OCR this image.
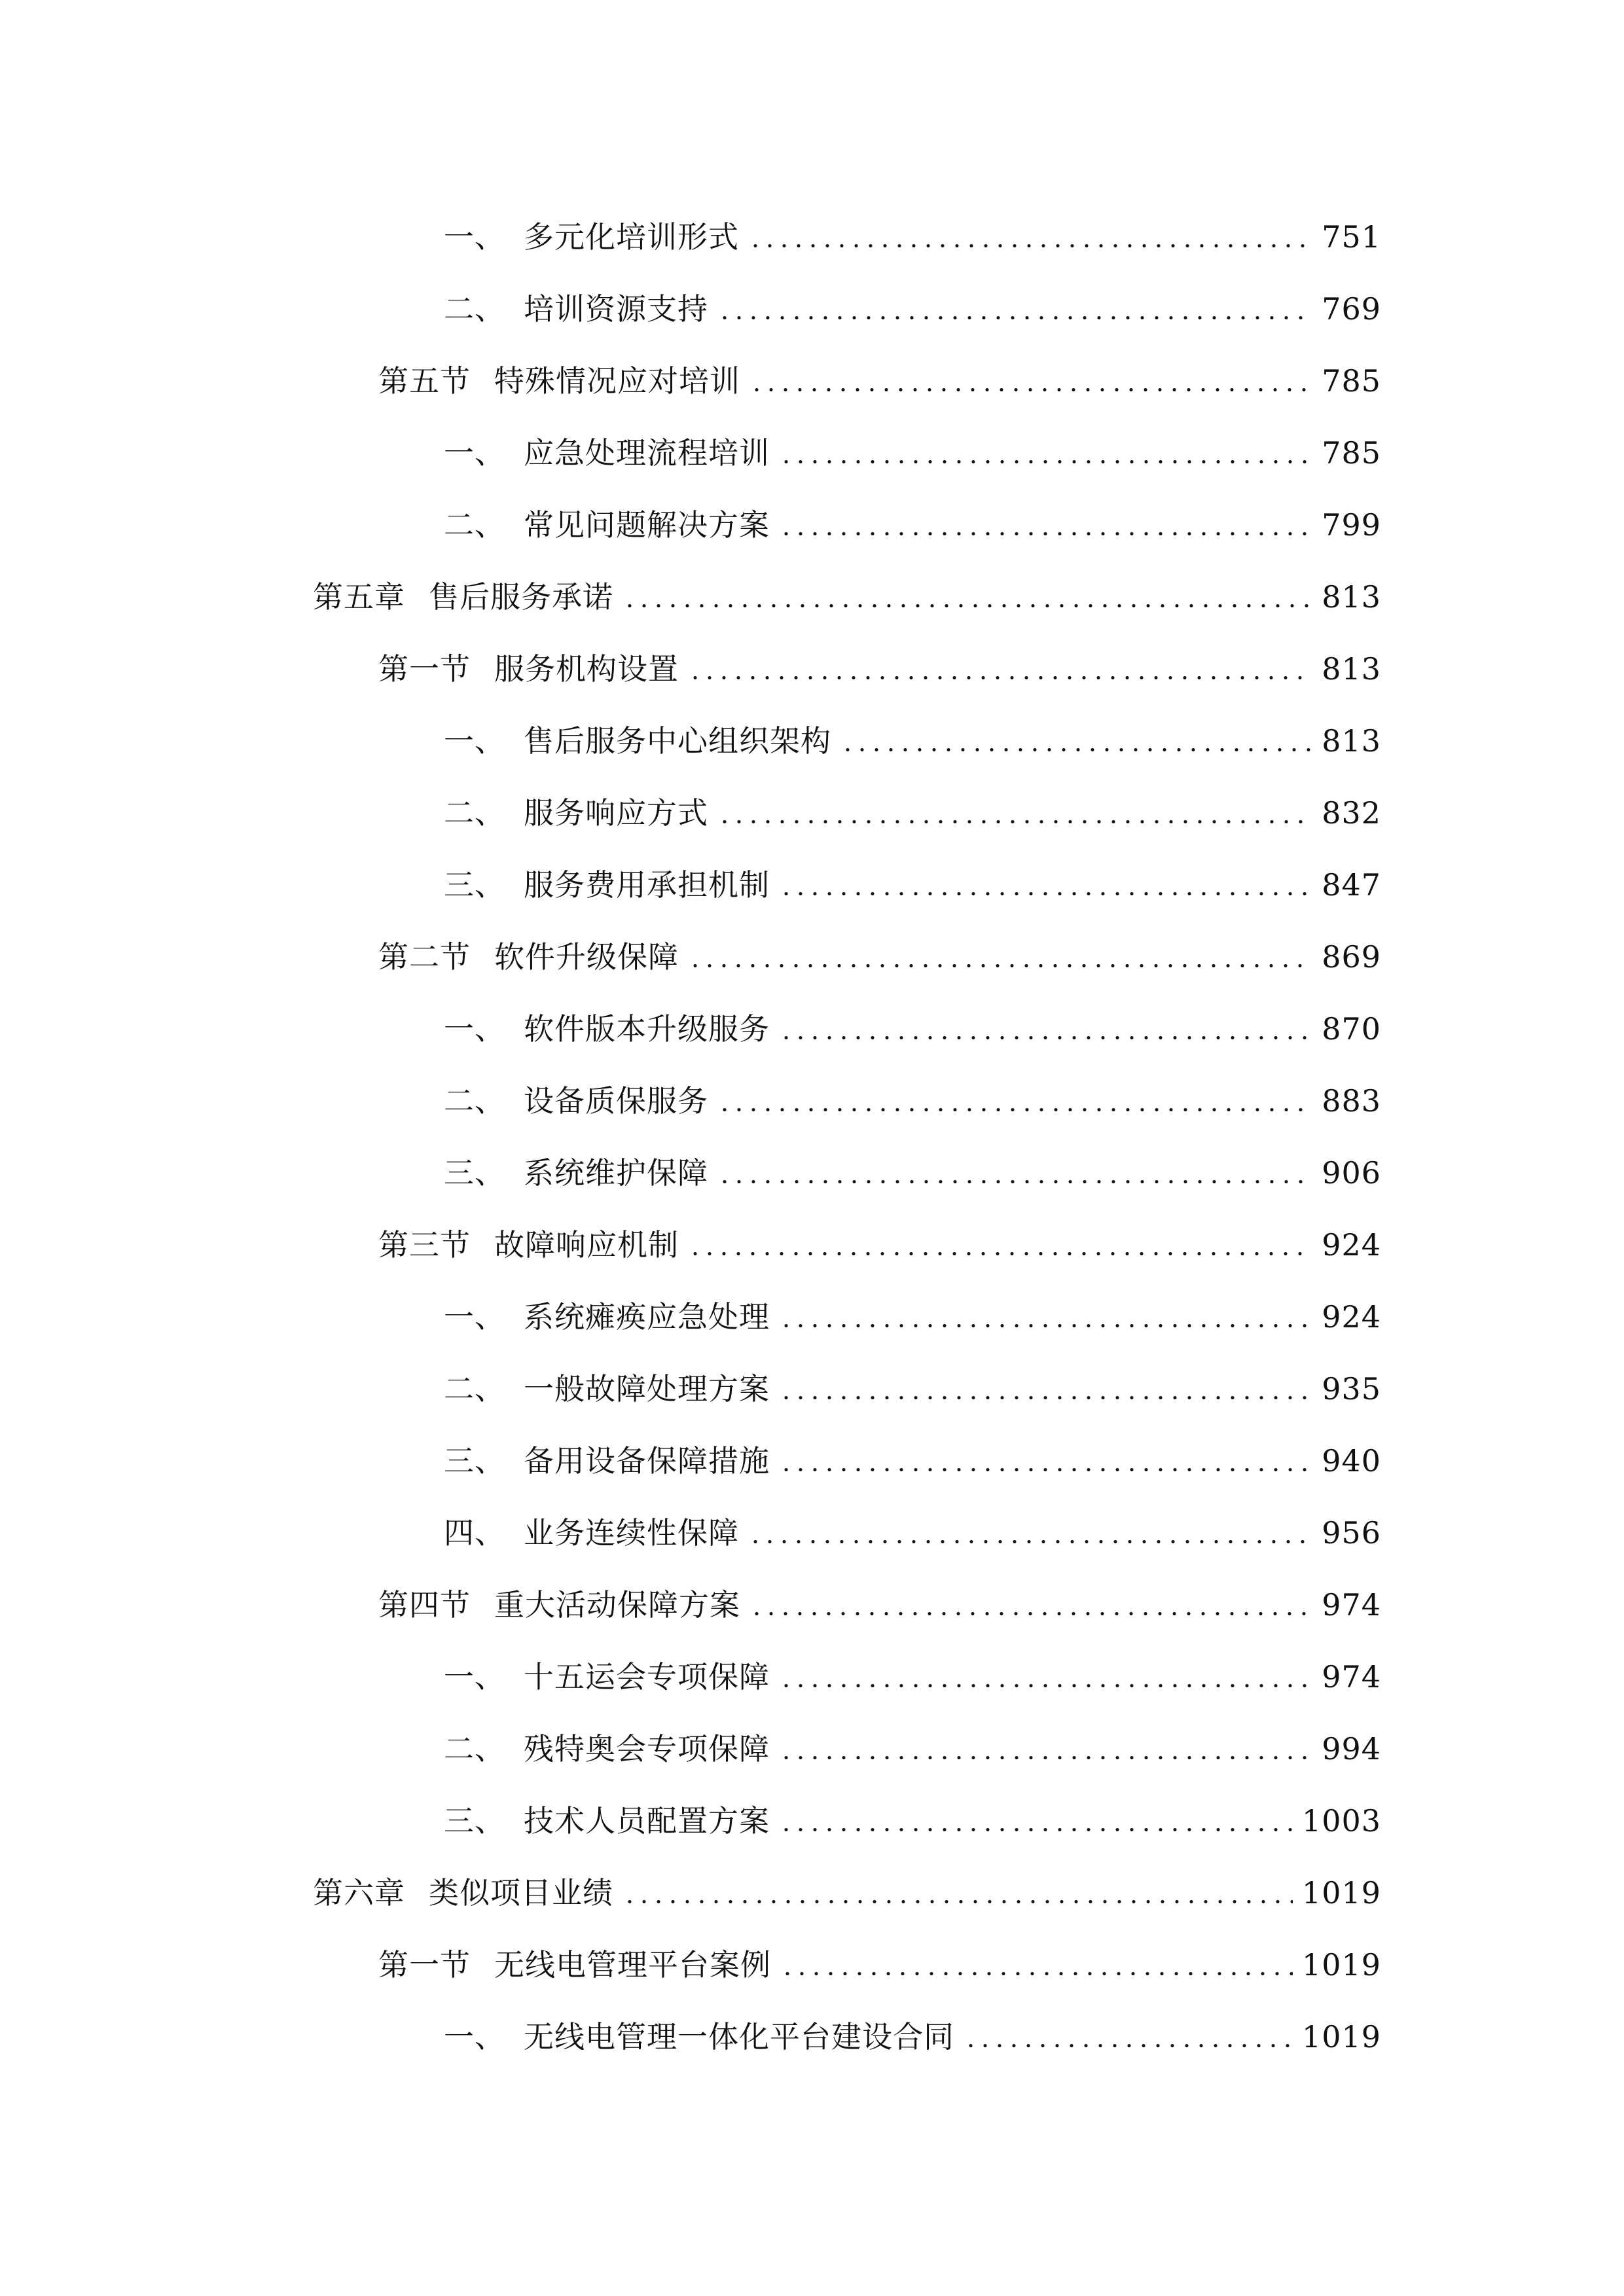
一、 多元化培训形式	751
二、 培训资源支持	769
第五节 特殊情况应对培训	785
一、 应急处理流程培训	785
二、 常见问题解决方案	799
第五章 售后服务承诺	813
第一节 服务机构设置	813
一、 售后服务中心组织架构	813
二、 服务响应方式	832
三、 服务费用承担机制	847
第二节 软件升级保障	869
一、 软件版本升级服务	870
二、 设备质保服务	883
三、 系统维护保障	906
第三节 故障响应机制	924
一、 系统瘫痪应急处理	924
二、 一般故障处理方案	935
三、 备用设备保障措施	940
四、 业务连续性保障	956
第四节 重大活动保障方案	974
一、 十五运会专项保障	974
二、 残特奥会专项保障	994
三、 技术人员配置方案	1003
第六章 类似项目业绩	1019
第一节 无线电管理平台案例	1019
一、 无线电管理一体化平台建设合同	1019
